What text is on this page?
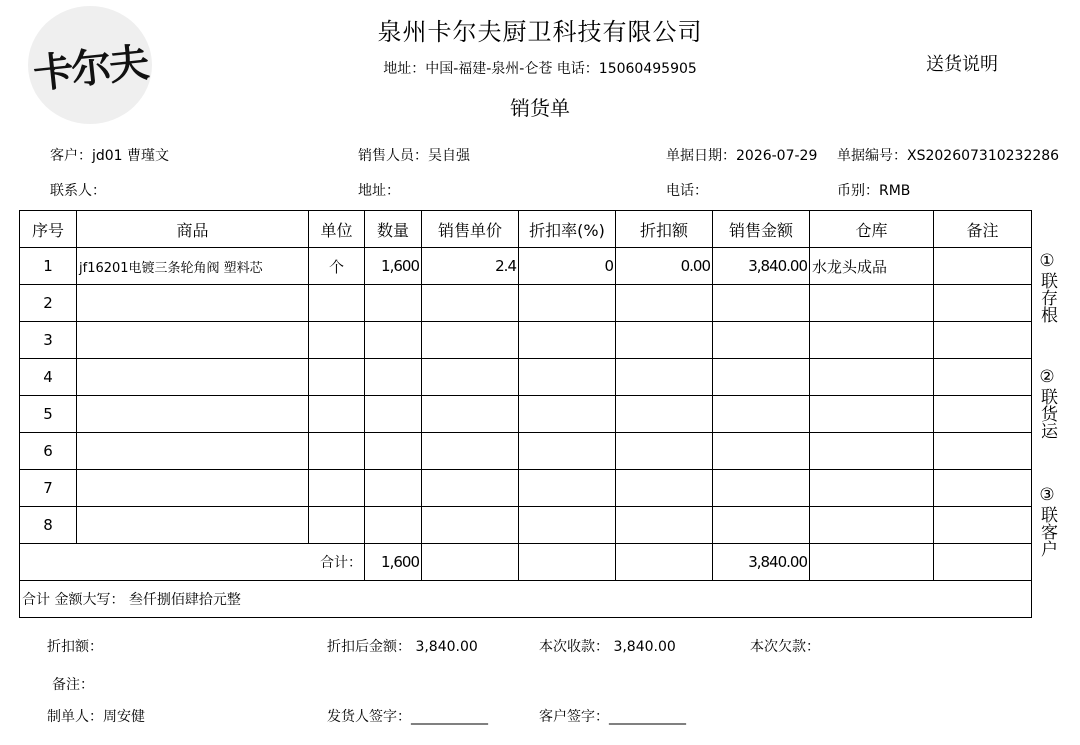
卡尔夫
泉州卡尔夫厨卫科技有限公司
地址：中国-福建-泉州-仑苍 电话：15060495905
销货单
送货说明
客户：jd01 曹瑾文	销售人员：吴自强	单据日期：2026-07-29 单据编号：XS202607310232286
联系人：	地址：	电话：	币别：RMB
序号	商品	单位	数量	销售单价	折扣率(%)	折扣额	销售金额	仓库	备注
1	jf16201电镀三条轮角阀 塑料芯	个	1,600	2.4	0	0.00	3,840.00	水龙头成品	
2									
3									
4									
5									
6									
7									
8									
合计：			1,600				3,840.00		
合计 金额大写： 叁仟捌佰肆拾元整									
①
联存根
②
联货运
③
联客户
折扣额：	折扣后金额： 3,840.00	本次收款： 3,840.00	本次欠款：
备注：
制单人：周安健	发货人签字：___________	客户签字：___________
